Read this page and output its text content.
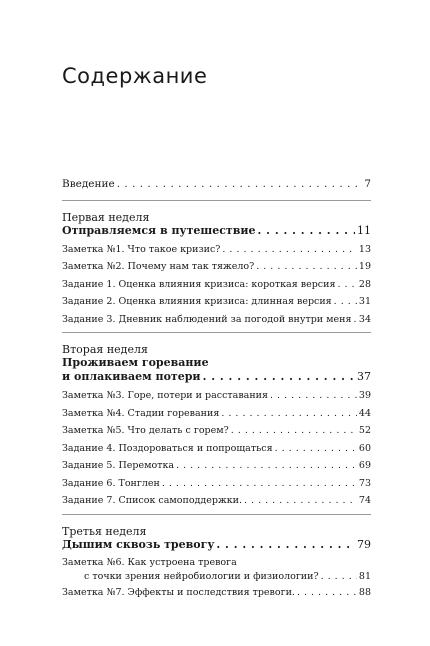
Содержание
Введение . . .	7
Первая неделя
Отправляемся в путешествие . . .	11
Заметка №1. Что такое кризис? . . .	13
Заметка №2. Почему нам так тяжело? . . .	19
Задание 1. Оценка влияния кризиса: короткая версия . . . 28
Задание 2. Оценка влияния кризиса: длинная версия . . .	31
Задание 3. Дневник наблюдений за погодой внутри меня . . . 34
Вторая неделя
Проживаем горевание
и оплакиваем потери . . .	37
Заметка №3. Горе, потери и расставания . . .	39
Заметка №4. Стадии горевания . . .	44
Заметка №5. Что делать с горем? . . .	52
Задание 4. Поздороваться и попрощаться . . .	60
Задание 5. Перемотка . . .	69
Задание 6. Тонглен . . .	73
Задание 7. Список самоподдержки. . . .	74
Третья неделя
Дышим сквозь тревогу . . .	79
Заметка №6. Как устроена тревога
с точки зрения нейробиологии и физиологии? . . .	81
Заметка №7. Эффекты и последствия тревоги. . . .	88
